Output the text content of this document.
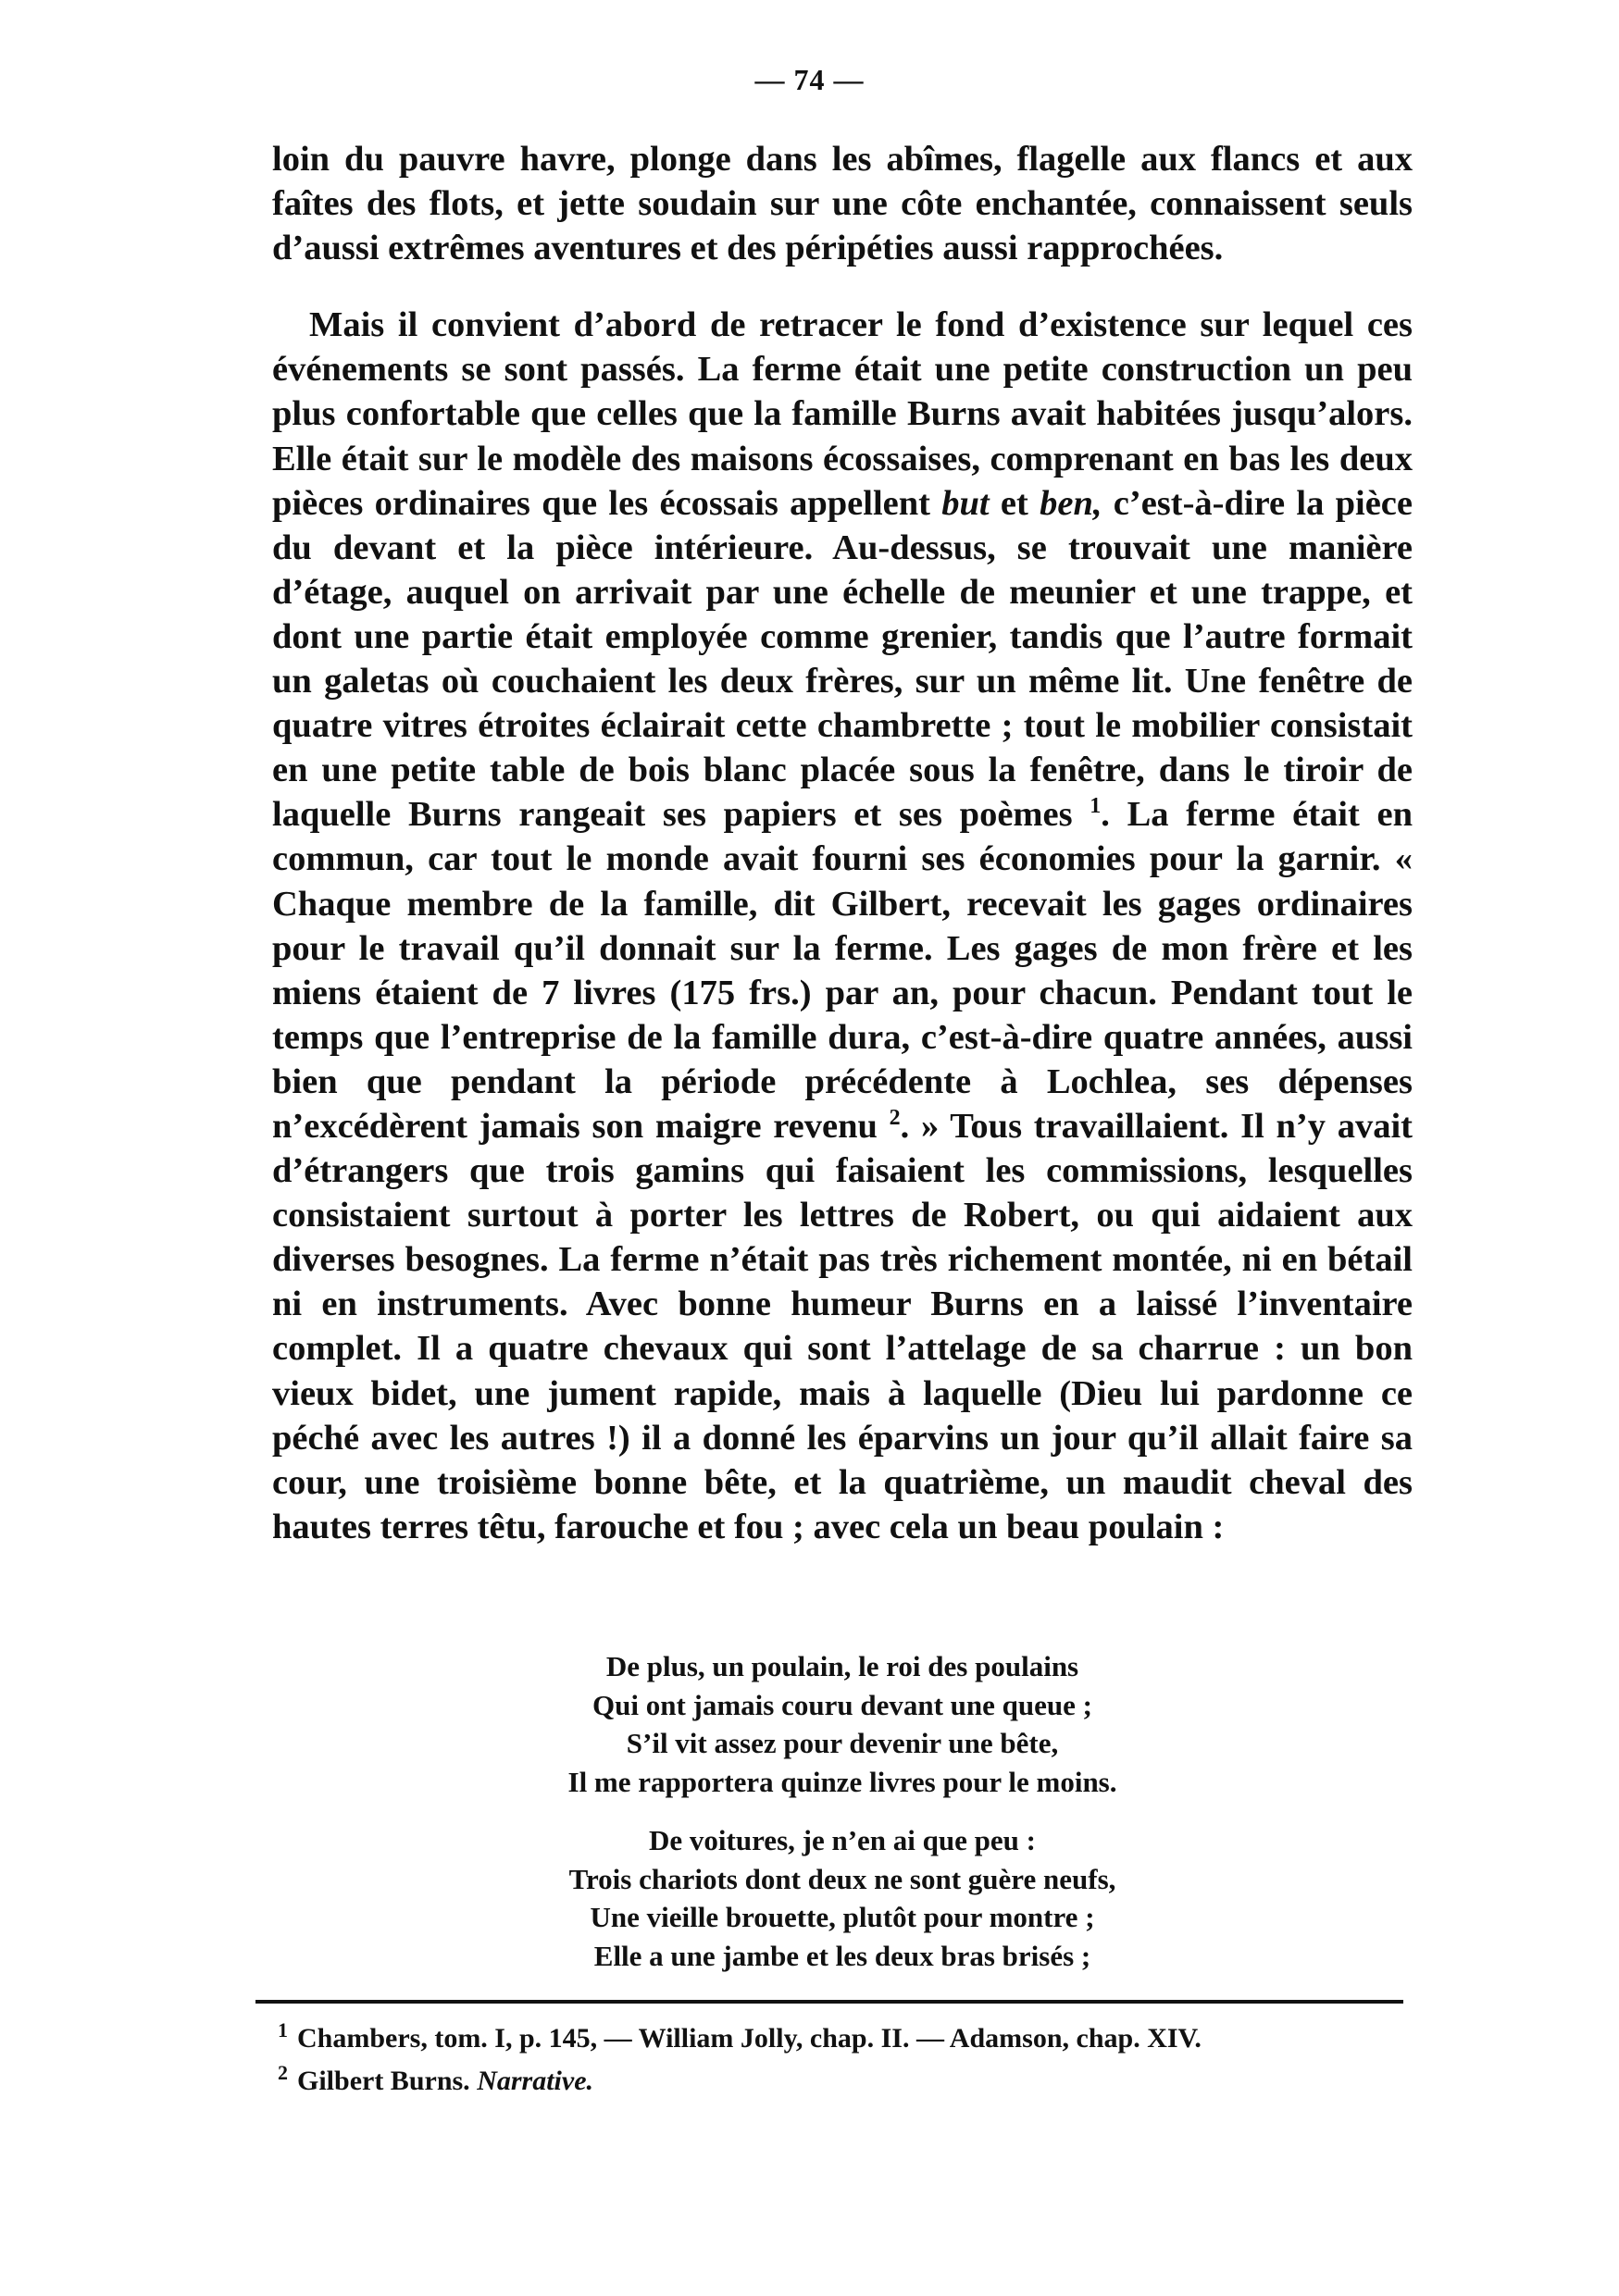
— 74 —

loin du pauvre havre, plonge dans les abîmes, flagelle aux flancs et aux faîtes des flots, et jette soudain sur une côte enchantée, connaissent seuls d’aussi extrêmes aventures et des péripéties aussi rapprochées.

Mais il convient d’abord de retracer le fond d’existence sur lequel ces événements se sont passés. La ferme était une petite construction un peu plus confortable que celles que la famille Burns avait habitées jusqu’alors. Elle était sur le modèle des maisons écossaises, comprenant en bas les deux pièces ordinaires que les écossais appellent but et ben, c’est-à-dire la pièce du devant et la pièce intérieure. Au-dessus, se trouvait une manière d’étage, auquel on arrivait par une échelle de meunier et une trappe, et dont une partie était employée comme grenier, tandis que l’autre formait un galetas où couchaient les deux frères, sur un même lit. Une fenêtre de quatre vitres étroites éclairait cette chambrette ; tout le mobilier consistait en une petite table de bois blanc placée sous la fenêtre, dans le tiroir de laquelle Burns rangeait ses papiers et ses poèmes $^1$. La ferme était en commun, car tout le monde avait fourni ses économies pour la garnir. « Chaque membre de la famille, dit Gilbert, recevait les gages ordinaires pour le travail qu’il donnait sur la ferme. Les gages de mon frère et les miens étaient de 7 livres (175 frs.) par an, pour chacun. Pendant tout le temps que l’entreprise de la famille dura, c’est-à-dire quatre années, aussi bien que pendant la période précédente à Lochlea, ses dépenses n’excédèrent jamais son maigre revenu $^2$. » Tous travaillaient. Il n’y avait d’étrangers que trois gamins qui faisaient les commissions, lesquelles consistaient surtout à porter les lettres de Robert, ou qui aidaient aux diverses besognes. La ferme n’était pas très richement montée, ni en bétail ni en instruments. Avec bonne humeur Burns en a laissé l’inventaire complet. Il a quatre chevaux qui sont l’attelage de sa charrue : un bon vieux bidet, une jument rapide, mais à laquelle (Dieu lui pardonne ce péché avec les autres !) il a donné les éparvins un jour qu’il allait faire sa cour, une troisième bonne bête, et la quatrième, un maudit cheval des hautes terres têtu, farouche et fou ; avec cela un beau poulain :

De plus, un poulain, le roi des poulains
Qui ont jamais couru devant une queue ;
S’il vit assez pour devenir une bête,
Il me rapportera quinze livres pour le moins.
De voitures, je n’en ai que peu :
Trois chariots dont deux ne sont guère neufs,
Une vieille brouette, plutôt pour montre ;
Elle a une jambe et les deux bras brisés ;
$^1$ Chambers, tom. I, p. 145, — William Jolly, chap. II. — Adamson, chap. XIV.
$^2$ Gilbert Burns. Narrative.
